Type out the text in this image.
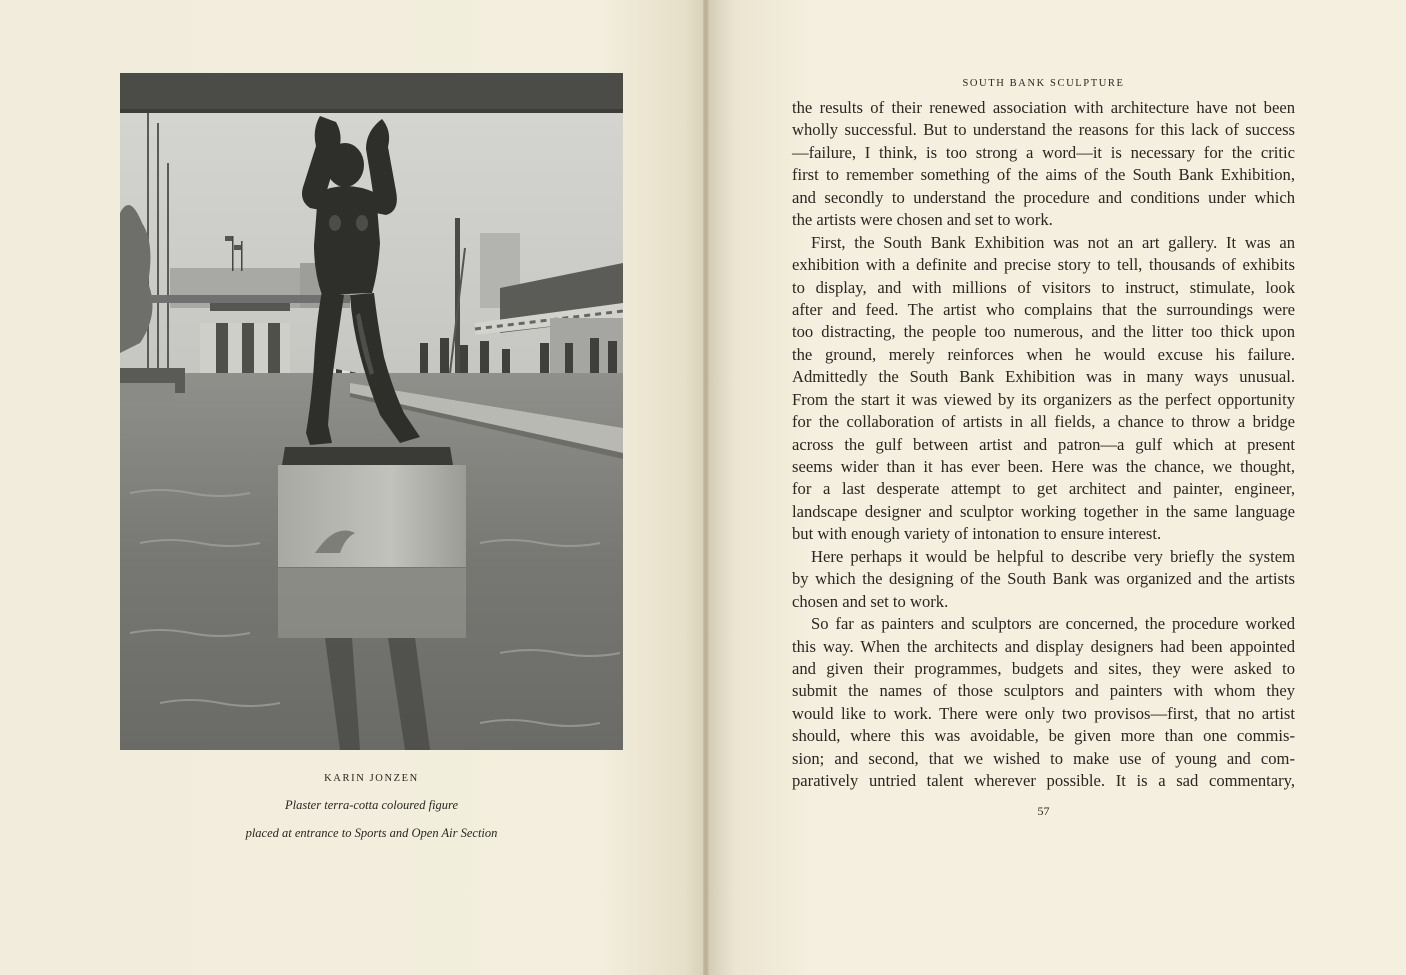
KARIN JONZEN
Plaster terra-cotta coloured figure
placed at entrance to Sports and Open Air Section
SOUTH BANK SCULPTURE
the results of their renewed association with architecture have not been
wholly successful. But to understand the reasons for this lack of success
—failure, I think, is too strong a word—it is necessary for the critic
first to remember something of the aims of the South Bank Exhibition,
and secondly to understand the procedure and conditions under which
the artists were chosen and set to work.
First, the South Bank Exhibition was not an art gallery. It was an
exhibition with a definite and precise story to tell, thousands of exhibits
to display, and with millions of visitors to instruct, stimulate, look
after and feed. The artist who complains that the surroundings were
too distracting, the people too numerous, and the litter too thick upon
the ground, merely reinforces when he would excuse his failure.
Admittedly the South Bank Exhibition was in many ways unusual.
From the start it was viewed by its organizers as the perfect opportunity
for the collaboration of artists in all fields, a chance to throw a bridge
across the gulf between artist and patron—a gulf which at present
seems wider than it has ever been. Here was the chance, we thought,
for a last desperate attempt to get architect and painter, engineer,
landscape designer and sculptor working together in the same language
but with enough variety of intonation to ensure interest.
Here perhaps it would be helpful to describe very briefly the system
by which the designing of the South Bank was organized and the artists
chosen and set to work.
So far as painters and sculptors are concerned, the procedure worked
this way. When the architects and display designers had been appointed
and given their programmes, budgets and sites, they were asked to
submit the names of those sculptors and painters with whom they
would like to work. There were only two provisos—first, that no artist
should, where this was avoidable, be given more than one commis-
sion; and second, that we wished to make use of young and com-
paratively untried talent wherever possible. It is a sad commentary,
57
